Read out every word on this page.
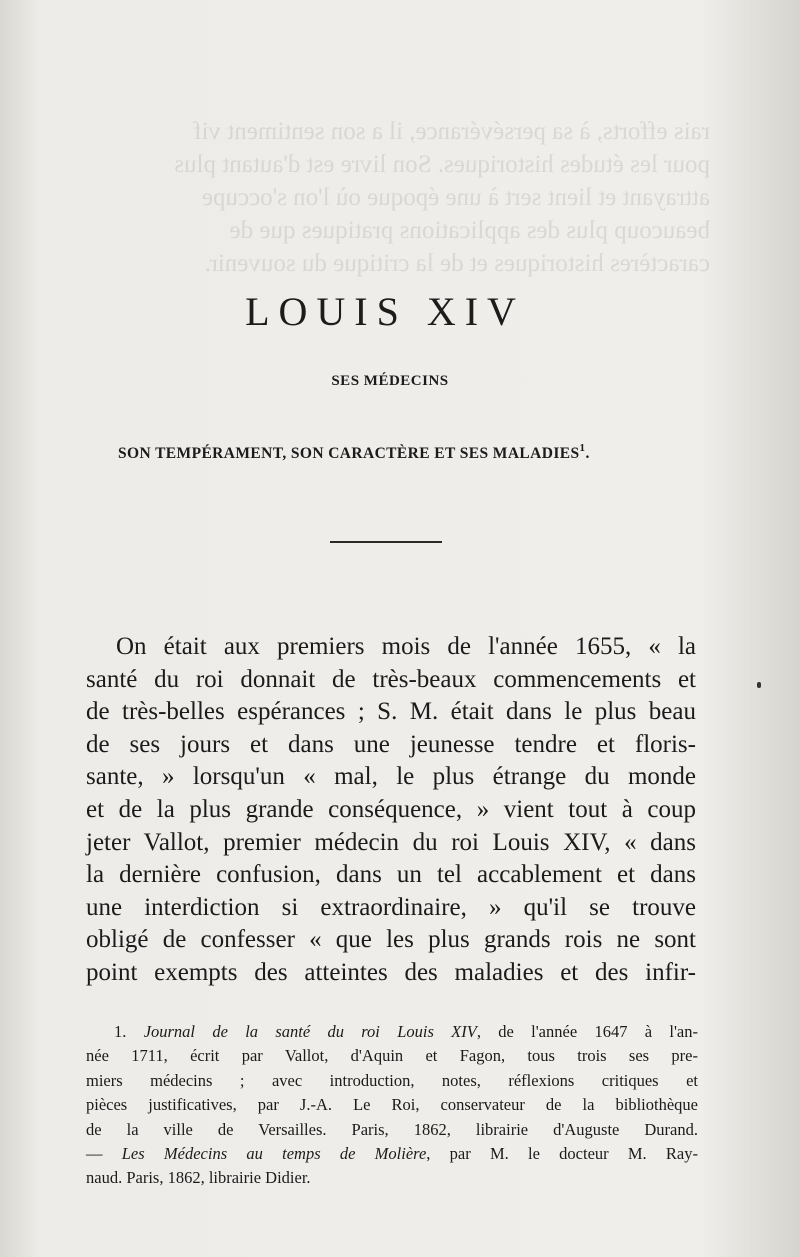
rais efforts, à sa persévérance, il a son sentiment vif
pour les études historiques. Son livre est d'autant plus
attrayant et lient sert à une époque où l'on s'occupe
beaucoup plus des applications pratiques que de
caractères historiques et de la critique du souvenir.
LOUIS XIV
SES MÉDECINS
SON TEMPÉRAMENT, SON CARACTÈRE ET SES MALADIES$^1$.
On était aux premiers mois de l'année 1655, « la
santé du roi donnait de très-beaux commencements et
de très-belles espérances ; S. M. était dans le plus beau
de ses jours et dans une jeunesse tendre et floris-
sante, » lorsqu'un « mal, le plus étrange du monde
et de la plus grande conséquence, » vient tout à coup
jeter Vallot, premier médecin du roi Louis XIV, « dans
la dernière confusion, dans un tel accablement et dans
une interdiction si extraordinaire, » qu'il se trouve
obligé de confesser « que les plus grands rois ne sont
point exempts des atteintes des maladies et des infir-
1. Journal de la santé du roi Louis XIV, de l'année 1647 à l'an-
née 1711, écrit par Vallot, d'Aquin et Fagon, tous trois ses pre-
miers médecins ; avec introduction, notes, réflexions critiques et
pièces justificatives, par J.-A. Le Roi, conservateur de la bibliothèque
de la ville de Versailles. Paris, 1862, librairie d'Auguste Durand.
— Les Médecins au temps de Molière, par M. le docteur M. Ray-
naud. Paris, 1862, librairie Didier.
